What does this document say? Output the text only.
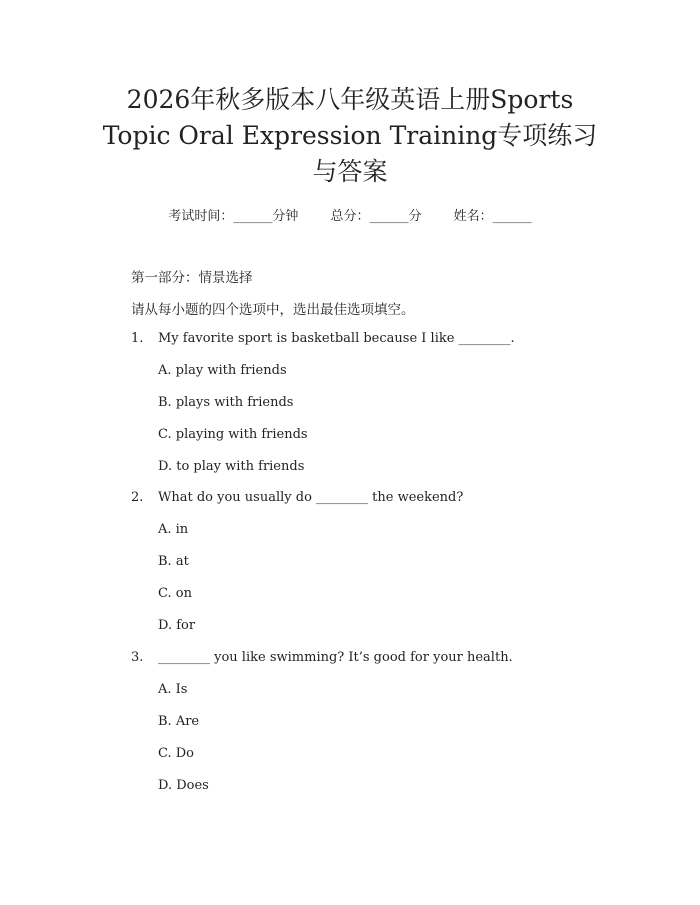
2026年秋多版本八年级英语上册Sports
Topic Oral Expression Training专项练习
与答案
考试时间：______分钟 总分：______分 姓名：______
第一部分：情景选择
请从每小题的四个选项中，选出最佳选项填空。
1. My favorite sport is basketball because I like ________.
A. play with friends
B. plays with friends
C. playing with friends
D. to play with friends
2. What do you usually do ________ the weekend?
A. in
B. at
C. on
D. for
3. ________ you like swimming? It’s good for your health.
A. Is
B. Are
C. Do
D. Does
